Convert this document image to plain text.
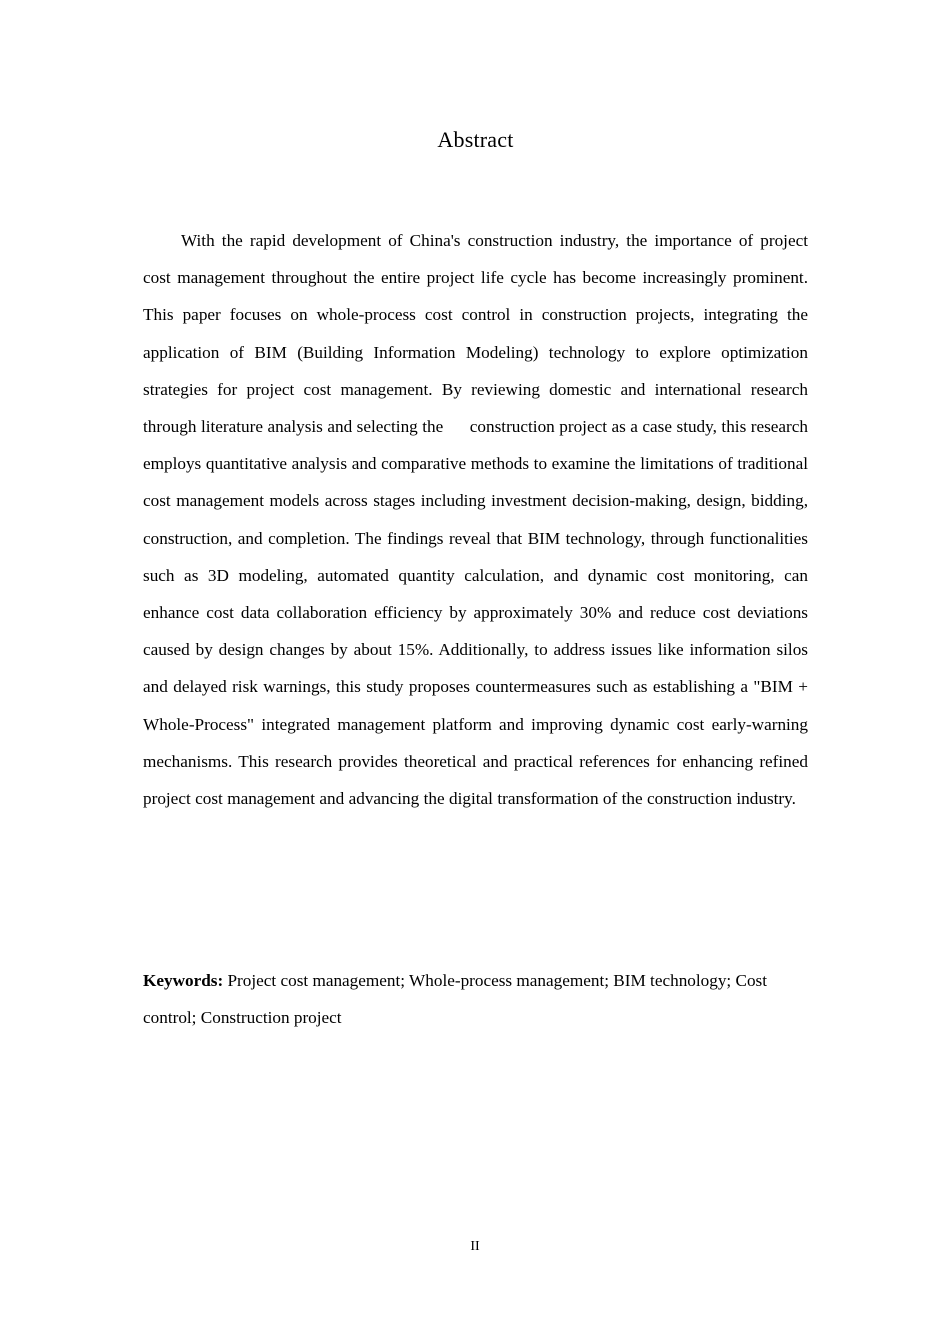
Abstract

With the rapid development of China's construction industry, the importance of project cost management throughout the entire project life cycle has become increasingly prominent. This paper focuses on whole-process cost control in construction projects, integrating the application of BIM (Building Information Modeling) technology to explore optimization strategies for project cost management. By reviewing domestic and international research through literature analysis and selecting the construction project as a case study, this research employs quantitative analysis and comparative methods to examine the limitations of traditional cost management models across stages including investment decision-making, design, bidding, construction, and completion. The findings reveal that BIM technology, through functionalities such as 3D modeling, automated quantity calculation, and dynamic cost monitoring, can enhance cost data collaboration efficiency by approximately 30% and reduce cost deviations caused by design changes by about 15%. Additionally, to address issues like information silos and delayed risk warnings, this study proposes countermeasures such as establishing a "BIM + Whole-Process" integrated management platform and improving dynamic cost early-warning mechanisms. This research provides theoretical and practical references for enhancing refined project cost management and advancing the digital transformation of the construction industry.

Keywords: Project cost management; Whole-process management; BIM technology; Cost control; Construction project

II
